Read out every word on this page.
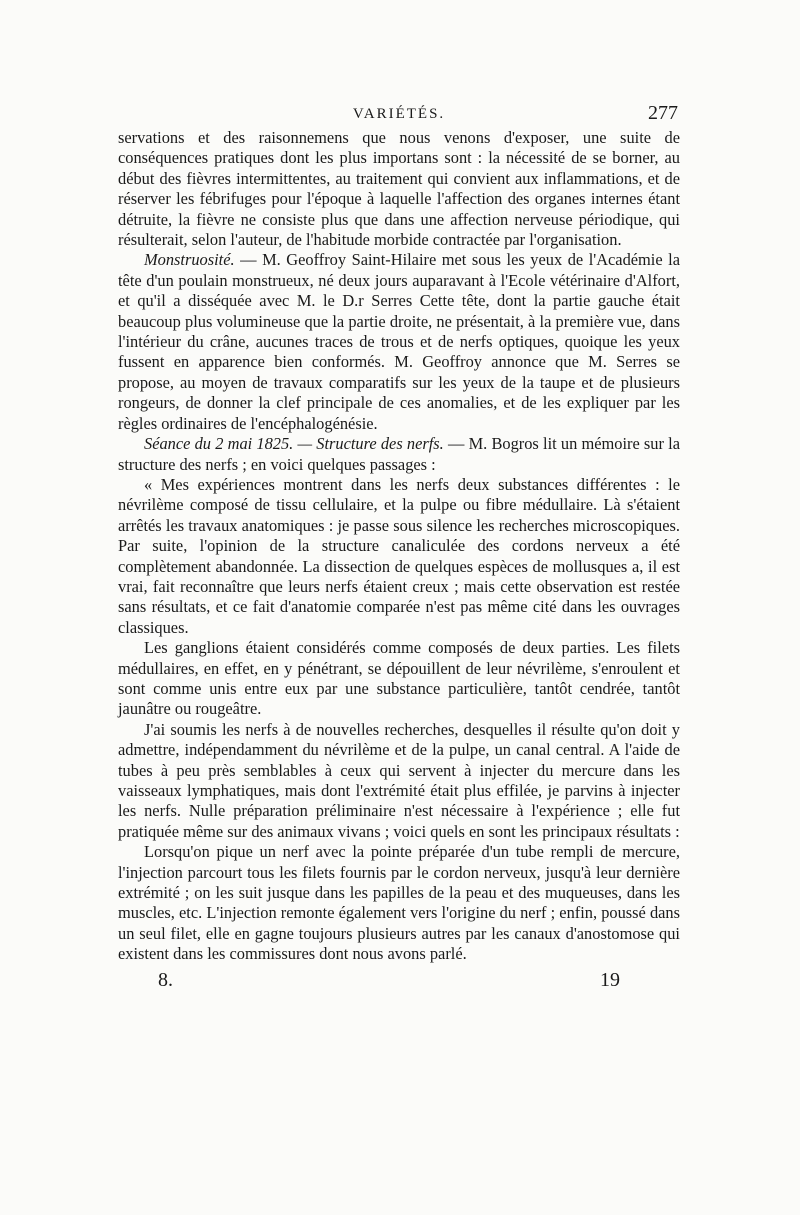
VARIÉTÉS.	277

servations et des raisonnemens que nous venons d'exposer, une suite de conséquences pratiques dont les plus importans sont : la nécessité de se borner, au début des fièvres intermittentes, au traitement qui convient aux inflammations, et de réserver les fébrifuges pour l'époque à laquelle l'affection des organes internes étant détruite, la fièvre ne consiste plus que dans une affection nerveuse périodique, qui résulterait, selon l'auteur, de l'habitude morbide contractée par l'organisation.

Monstruosité. — M. Geoffroy Saint-Hilaire met sous les yeux de l'Académie la tête d'un poulain monstrueux, né deux jours auparavant à l'Ecole vétérinaire d'Alfort, et qu'il a disséquée avec M. le D.r Serres Cette tête, dont la partie gauche était beaucoup plus volumineuse que la partie droite, ne présentait, à la première vue, dans l'intérieur du crâne, aucunes traces de trous et de nerfs optiques, quoique les yeux fussent en apparence bien conformés. M. Geoffroy annonce que M. Serres se propose, au moyen de travaux comparatifs sur les yeux de la taupe et de plusieurs rongeurs, de donner la clef principale de ces anomalies, et de les expliquer par les règles ordinaires de l'encéphalogénésie.

Séance du 2 mai 1825. — Structure des nerfs. — M. Bogros lit un mémoire sur la structure des nerfs ; en voici quelques passages :

« Mes expériences montrent dans les nerfs deux substances différentes : le névrilème composé de tissu cellulaire, et la pulpe ou fibre médullaire. Là s'étaient arrêtés les travaux anatomiques : je passe sous silence les recherches microscopiques. Par suite, l'opinion de la structure canaliculée des cordons nerveux a été complètement abandonnée. La dissection de quelques espèces de mollusques a, il est vrai, fait reconnaître que leurs nerfs étaient creux ; mais cette observation est restée sans résultats, et ce fait d'anatomie comparée n'est pas même cité dans les ouvrages classiques.

Les ganglions étaient considérés comme composés de deux parties. Les filets médullaires, en effet, en y pénétrant, se dépouillent de leur névrilème, s'enroulent et sont comme unis entre eux par une substance particulière, tantôt cendrée, tantôt jaunâtre ou rougeâtre.

J'ai soumis les nerfs à de nouvelles recherches, desquelles il résulte qu'on doit y admettre, indépendamment du névrilème et de la pulpe, un canal central. A l'aide de tubes à peu près semblables à ceux qui servent à injecter du mercure dans les vaisseaux lymphatiques, mais dont l'extrémité était plus effilée, je parvins à injecter les nerfs. Nulle préparation préliminaire n'est nécessaire à l'expérience ; elle fut pratiquée même sur des animaux vivans ; voici quels en sont les principaux résultats :

Lorsqu'on pique un nerf avec la pointe préparée d'un tube rempli de mercure, l'injection parcourt tous les filets fournis par le cordon nerveux, jusqu'à leur dernière extrémité ; on les suit jusque dans les papilles de la peau et des muqueuses, dans les muscles, etc. L'injection remonte également vers l'origine du nerf ; enfin, poussé dans un seul filet, elle en gagne toujours plusieurs autres par les canaux d'anostomose qui existent dans les commissures dont nous avons parlé.

8.	19
